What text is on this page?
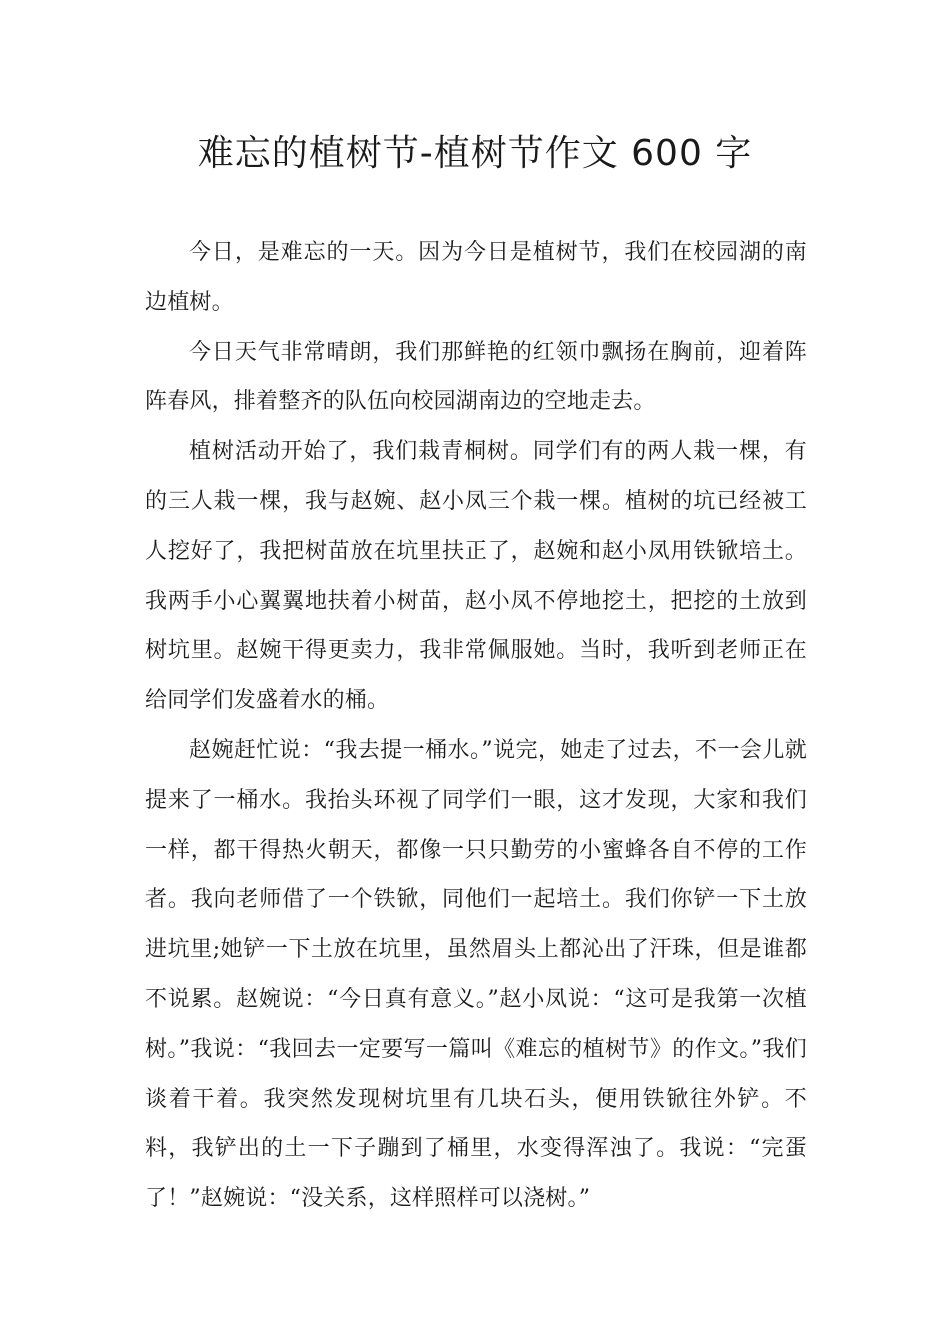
难忘的植树节-植树节作文 600 字

今日，是难忘的一天。因为今日是植树节，我们在校园湖的南边植树。

今日天气非常晴朗，我们那鲜艳的红领巾飘扬在胸前，迎着阵阵春风，排着整齐的队伍向校园湖南边的空地走去。

植树活动开始了，我们栽青桐树。同学们有的两人栽一棵，有的三人栽一棵，我与赵婉、赵小凤三个栽一棵。植树的坑已经被工人挖好了，我把树苗放在坑里扶正了，赵婉和赵小凤用铁锨培土。我两手小心翼翼地扶着小树苗，赵小凤不停地挖土，把挖的土放到树坑里。赵婉干得更卖力，我非常佩服她。当时，我听到老师正在给同学们发盛着水的桶。

赵婉赶忙说：“我去提一桶水。”说完，她走了过去，不一会儿就提来了一桶水。我抬头环视了同学们一眼，这才发现，大家和我们一样，都干得热火朝天，都像一只只勤劳的小蜜蜂各自不停的工作者。我向老师借了一个铁锨，同他们一起培土。我们你铲一下土放进坑里;她铲一下土放在坑里，虽然眉头上都沁出了汗珠，但是谁都不说累。赵婉说：“今日真有意义。”赵小凤说：“这可是我第一次植树。”我说：“我回去一定要写一篇叫《难忘的植树节》的作文。”我们谈着干着。我突然发现树坑里有几块石头，便用铁锨往外铲。不料，我铲出的土一下子蹦到了桶里，水变得浑浊了。我说：“完蛋了！”赵婉说：“没关系，这样照样可以浇树。”
